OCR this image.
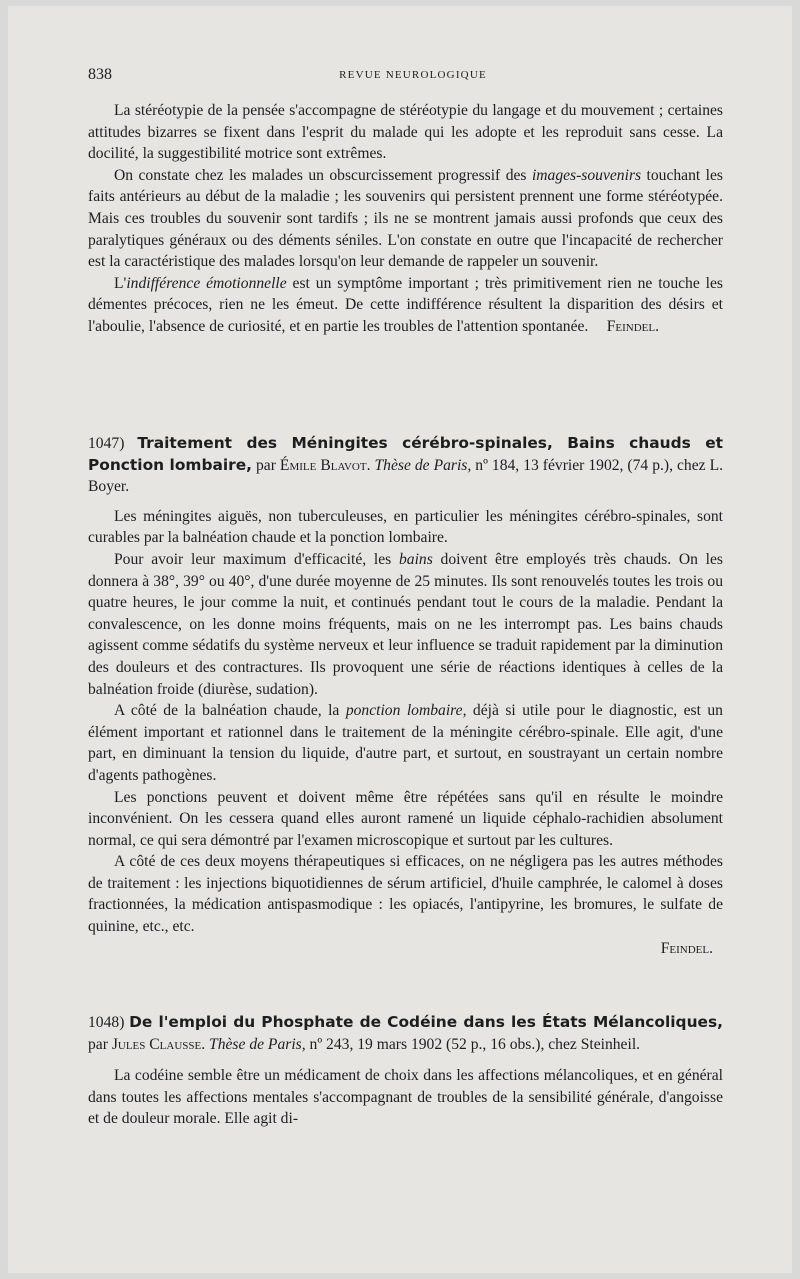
838	REVUE NEUROLOGIQUE

La stéréotypie de la pensée s'accompagne de stéréotypie du langage et du mouvement ; certaines attitudes bizarres se fixent dans l'esprit du malade qui les adopte et les reproduit sans cesse. La docilité, la suggestibilité motrice sont extrêmes.

On constate chez les malades un obscurcissement progressif des images-souvenirs touchant les faits antérieurs au début de la maladie ; les souvenirs qui persistent prennent une forme stéréotypée. Mais ces troubles du souvenir sont tardifs ; ils ne se montrent jamais aussi profonds que ceux des paralytiques généraux ou des déments séniles. L'on constate en outre que l'incapacité de rechercher est la caractéristique des malades lorsqu'on leur demande de rappeler un souvenir.

L'indifférence émotionnelle est un symptôme important ; très primitivement rien ne touche les démentes précoces, rien ne les émeut. De cette indifférence résultent la disparition des désirs et l'aboulie, l'absence de curiosité, et en partie les troubles de l'attention spontanée.	Feindel.

1047) Traitement des Méningites cérébro-spinales, Bains chauds et Ponction lombaire, par Émile Blavot. Thèse de Paris, nº 184, 13 février 1902, (74 p.), chez L. Boyer.

Les méningites aiguës, non tuberculeuses, en particulier les méningites cérébro-spinales, sont curables par la balnéation chaude et la ponction lombaire.

Pour avoir leur maximum d'efficacité, les bains doivent être employés très chauds. On les donnera à 38°, 39° ou 40°, d'une durée moyenne de 25 minutes. Ils sont renouvelés toutes les trois ou quatre heures, le jour comme la nuit, et continués pendant tout le cours de la maladie. Pendant la convalescence, on les donne moins fréquents, mais on ne les interrompt pas. Les bains chauds agissent comme sédatifs du système nerveux et leur influence se traduit rapidement par la diminution des douleurs et des contractures. Ils provoquent une série de réactions identiques à celles de la balnéation froide (diurèse, sudation).

A côté de la balnéation chaude, la ponction lombaire, déjà si utile pour le diagnostic, est un élément important et rationnel dans le traitement de la méningite cérébro-spinale. Elle agit, d'une part, en diminuant la tension du liquide, d'autre part, et surtout, en soustrayant un certain nombre d'agents pathogènes.

Les ponctions peuvent et doivent même être répétées sans qu'il en résulte le moindre inconvénient. On les cessera quand elles auront ramené un liquide céphalo-rachidien absolument normal, ce qui sera démontré par l'examen microscopique et surtout par les cultures.

A côté de ces deux moyens thérapeutiques si efficaces, on ne négligera pas les autres méthodes de traitement : les injections biquotidiennes de sérum artificiel, d'huile camphrée, le calomel à doses fractionnées, la médication antispasmodique : les opiacés, l'antipyrine, les bromures, le sulfate de quinine, etc., etc.

Feindel.

1048) De l'emploi du Phosphate de Codéine dans les États Mélancoliques, par Jules Clausse. Thèse de Paris, nº 243, 19 mars 1902 (52 p., 16 obs.), chez Steinheil.

La codéine semble être un médicament de choix dans les affections mélancoliques, et en général dans toutes les affections mentales s'accompagnant de troubles de la sensibilité générale, d'angoisse et de douleur morale. Elle agit di-
